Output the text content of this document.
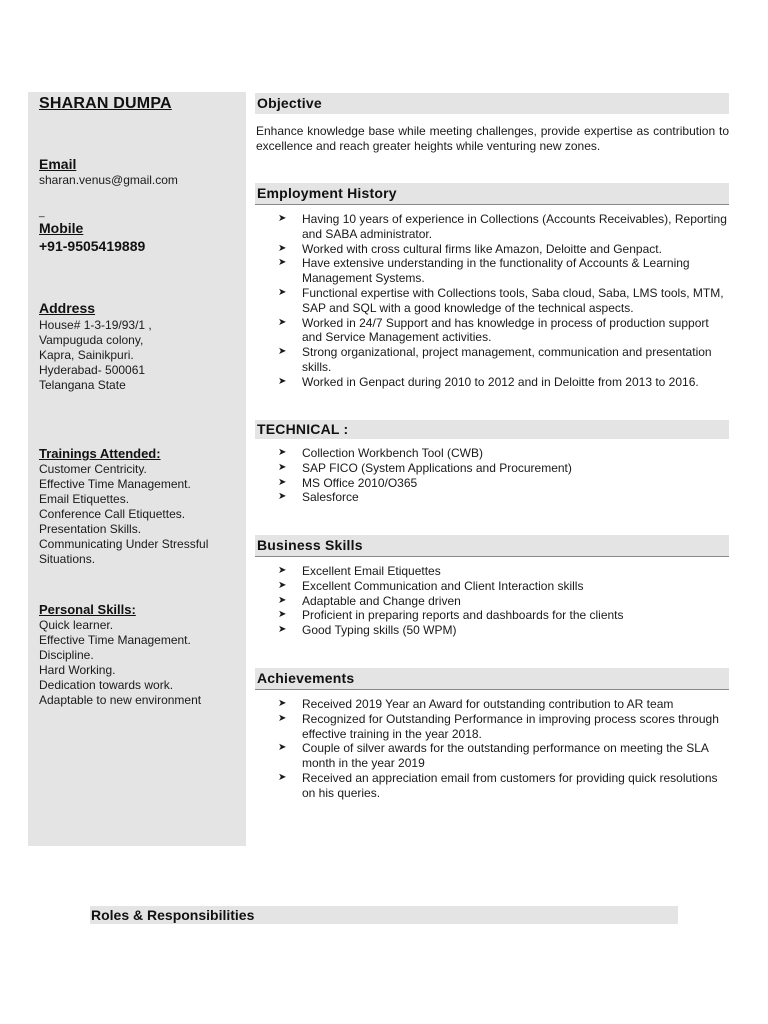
SHARAN DUMPA
Email
sharan.venus@gmail.com
_
Mobile
+91-9505419889
Address
House# 1-3-19/93/1 ,
Vampuguda colony,
Kapra, Sainikpuri.
Hyderabad- 500061
Telangana State
Trainings Attended:
Customer Centricity.
Effective Time Management.
Email Etiquettes.
Conference Call Etiquettes.
Presentation Skills.
Communicating Under Stressful
Situations.
Personal Skills:
Quick learner.
Effective Time Management.
Discipline.
Hard Working.
Dedication towards work.
Adaptable to new environment
Objective
Enhance knowledge base while meeting challenges, provide expertise as contribution to excellence and reach greater heights while venturing new zones.
Employment History
➤ Having 10 years of experience in Collections (Accounts Receivables), Reporting and SABA administrator.
➤ Worked with cross cultural firms like Amazon, Deloitte and Genpact.
➤ Have extensive understanding in the functionality of Accounts & Learning Management Systems.
➤ Functional expertise with Collections tools, Saba cloud, Saba, LMS tools, MTM, SAP and SQL with a good knowledge of the technical aspects.
➤ Worked in 24/7 Support and has knowledge in process of production support and Service Management activities.
➤ Strong organizational, project management, communication and presentation skills.
➤ Worked in Genpact during 2010 to 2012 and in Deloitte from 2013 to 2016.
TECHNICAL :
➤ Collection Workbench Tool (CWB)
➤ SAP FICO (System Applications and Procurement)
➤ MS Office 2010/O365
➤ Salesforce
Business Skills
➤ Excellent Email Etiquettes
➤ Excellent Communication and Client Interaction skills
➤ Adaptable and Change driven
➤ Proficient in preparing reports and dashboards for the clients
➤ Good Typing skills (50 WPM)
Achievements
➤ Received 2019 Year an Award for outstanding contribution to AR team
➤ Recognized for Outstanding Performance in improving process scores through effective training in the year 2018.
➤ Couple of silver awards for the outstanding performance on meeting the SLA month in the year 2019
➤ Received an appreciation email from customers for providing quick resolutions on his queries.
Roles & Responsibilities
